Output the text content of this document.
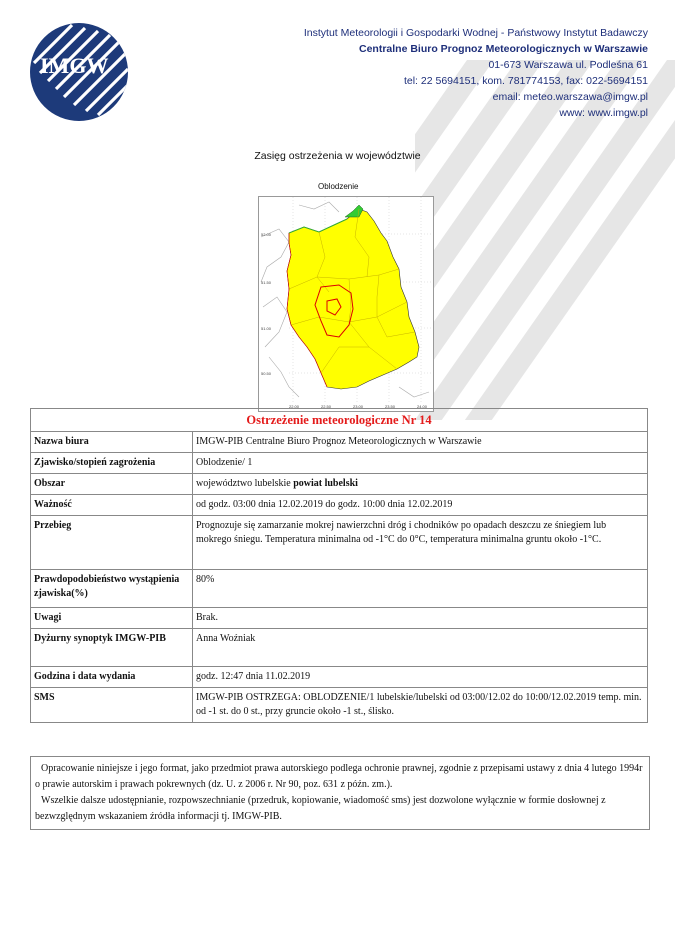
IMGW
Instytut Meteorologii i Gospodarki Wodnej - Państwowy Instytut Badawczy
Centralne Biuro Prognoz Meteorologicznych w Warszawie
01-673 Warszawa ul. Podleśna 61
tel: 22 5694151, kom. 781774153, fax: 022-5694151
email: meteo.warszawa@imgw.pl
www: www.imgw.pl
Zasięg ostrzeżenia w województwie
Oblodzenie
52.00
51.50
51.00
50.50
22.00	22.50	23.00	23.50	24.00
Ostrzeżenie meteorologiczne Nr 14	
Nazwa biura	IMGW-PIB Centralne Biuro Prognoz Meteorologicznych w Warszawie
Zjawisko/stopień zagrożenia	Oblodzenie/ 1
Obszar	województwo lubelskie powiat lubelski
Ważność	od godz. 03:00 dnia 12.02.2019 do godz. 10:00 dnia 12.02.2019
Przebieg	Prognozuje się zamarzanie mokrej nawierzchni dróg i chodników po opadach deszczu ze śniegiem lub mokrego śniegu. Temperatura minimalna od -1°C do 0°C, temperatura minimalna gruntu około -1°C.
Prawdopodobieństwo wystąpienia zjawiska(%)	80%
Uwagi	Brak.
Dyżurny synoptyk IMGW-PIB	Anna Woźniak
Godzina i data wydania	godz. 12:47 dnia 11.02.2019
SMS	IMGW-PIB OSTRZEGA: OBLODZENIE/1 lubelskie/lubelski od 03:00/12.02 do 10:00/12.02.2019 temp. min. od -1 st. do 0 st., przy gruncie około -1 st., ślisko.
Opracowanie niniejsze i jego format, jako przedmiot prawa autorskiego podlega ochronie prawnej, zgodnie z przepisami ustawy z dnia 4 lutego 1994r o prawie autorskim i prawach pokrewnych (dz. U. z 2006 r. Nr 90, poz. 631 z późn. zm.).
Wszelkie dalsze udostępnianie, rozpowszechnianie (przedruk, kopiowanie, wiadomość sms) jest dozwolone wyłącznie w formie dosłownej z bezwzględnym wskazaniem źródła informacji tj. IMGW-PIB.
